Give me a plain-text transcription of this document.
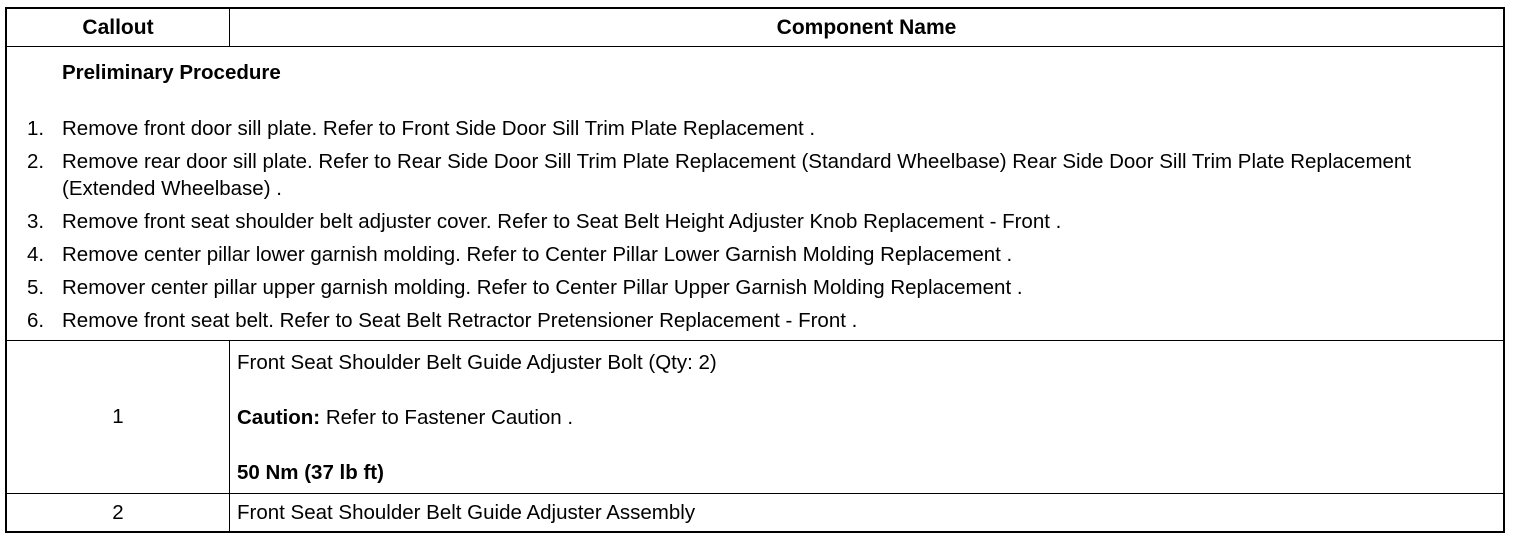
Callout	Component Name
Preliminary Procedure
1. Remove front door sill plate. Refer to Front Side Door Sill Trim Plate Replacement .
2. Remove rear door sill plate. Refer to Rear Side Door Sill Trim Plate Replacement (Standard Wheelbase) Rear Side Door Sill Trim Plate Replacement (Extended Wheelbase) .
3. Remove front seat shoulder belt adjuster cover. Refer to Seat Belt Height Adjuster Knob Replacement - Front .
4. Remove center pillar lower garnish molding. Refer to Center Pillar Lower Garnish Molding Replacement .
5. Remover center pillar upper garnish molding. Refer to Center Pillar Upper Garnish Molding Replacement .
6. Remove front seat belt. Refer to Seat Belt Retractor Pretensioner Replacement - Front .
1
Front Seat Shoulder Belt Guide Adjuster Bolt (Qty: 2)
Caution: Refer to Fastener Caution .
50 Nm (37 lb ft)
2	Front Seat Shoulder Belt Guide Adjuster Assembly
